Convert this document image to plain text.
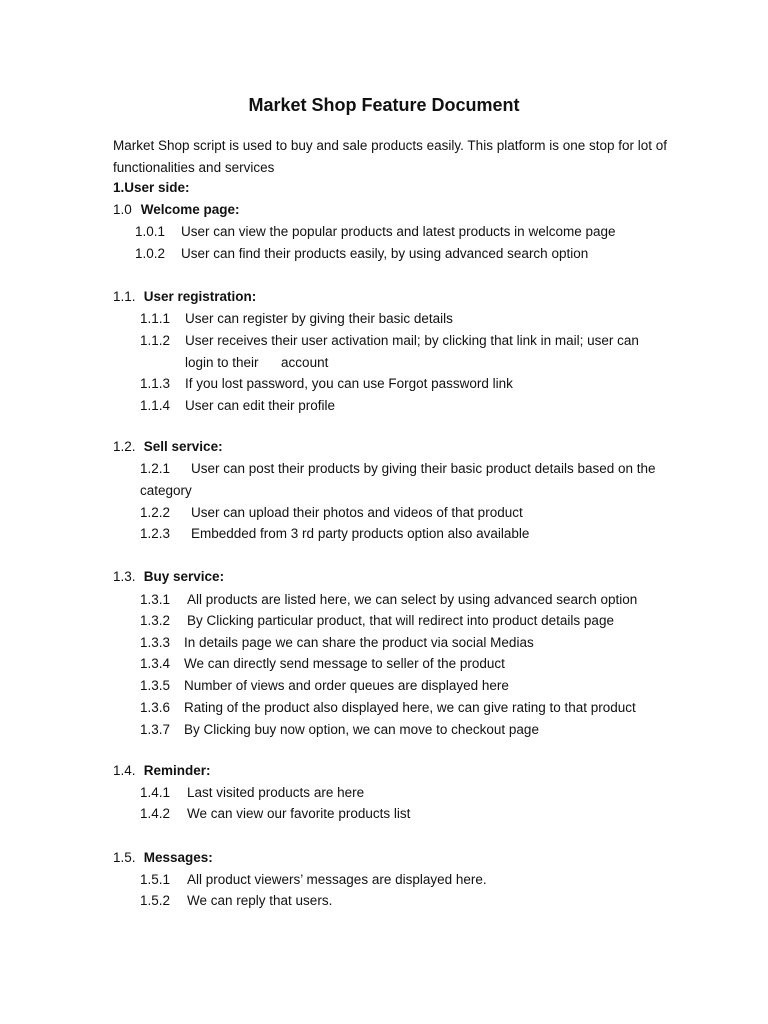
Market Shop Feature Document

Market Shop script is used to buy and sale products easily. This platform is one stop for lot of functionalities and services

1.User side:
1.0 Welcome page:
1.0.1 User can view the popular products and latest products in welcome page
1.0.2 User can find their products easily, by using advanced search option
1.1. User registration:
1.1.1 User can register by giving their basic details
1.1.2 User receives their user activation mail; by clicking that link in mail; user can
login to their      account
1.1.3 If you lost password, you can use Forgot password link
1.1.4 User can edit their profile
1.2. Sell service:
1.2.1 User can post their products by giving their basic product details based on the
category
1.2.2 User can upload their photos and videos of that product
1.2.3 Embedded from 3 rd party products option also available
1.3. Buy service:
1.3.1 All products are listed here, we can select by using advanced search option
1.3.2 By Clicking particular product, that will redirect into product details page
1.3.3 In details page we can share the product via social Medias
1.3.4 We can directly send message to seller of the product
1.3.5 Number of views and order queues are displayed here
1.3.6 Rating of the product also displayed here, we can give rating to that product
1.3.7 By Clicking buy now option, we can move to checkout page
1.4. Reminder:
1.4.1 Last visited products are here
1.4.2 We can view our favorite products list
1.5. Messages:
1.5.1 All product viewers’ messages are displayed here.
1.5.2 We can reply that users.
